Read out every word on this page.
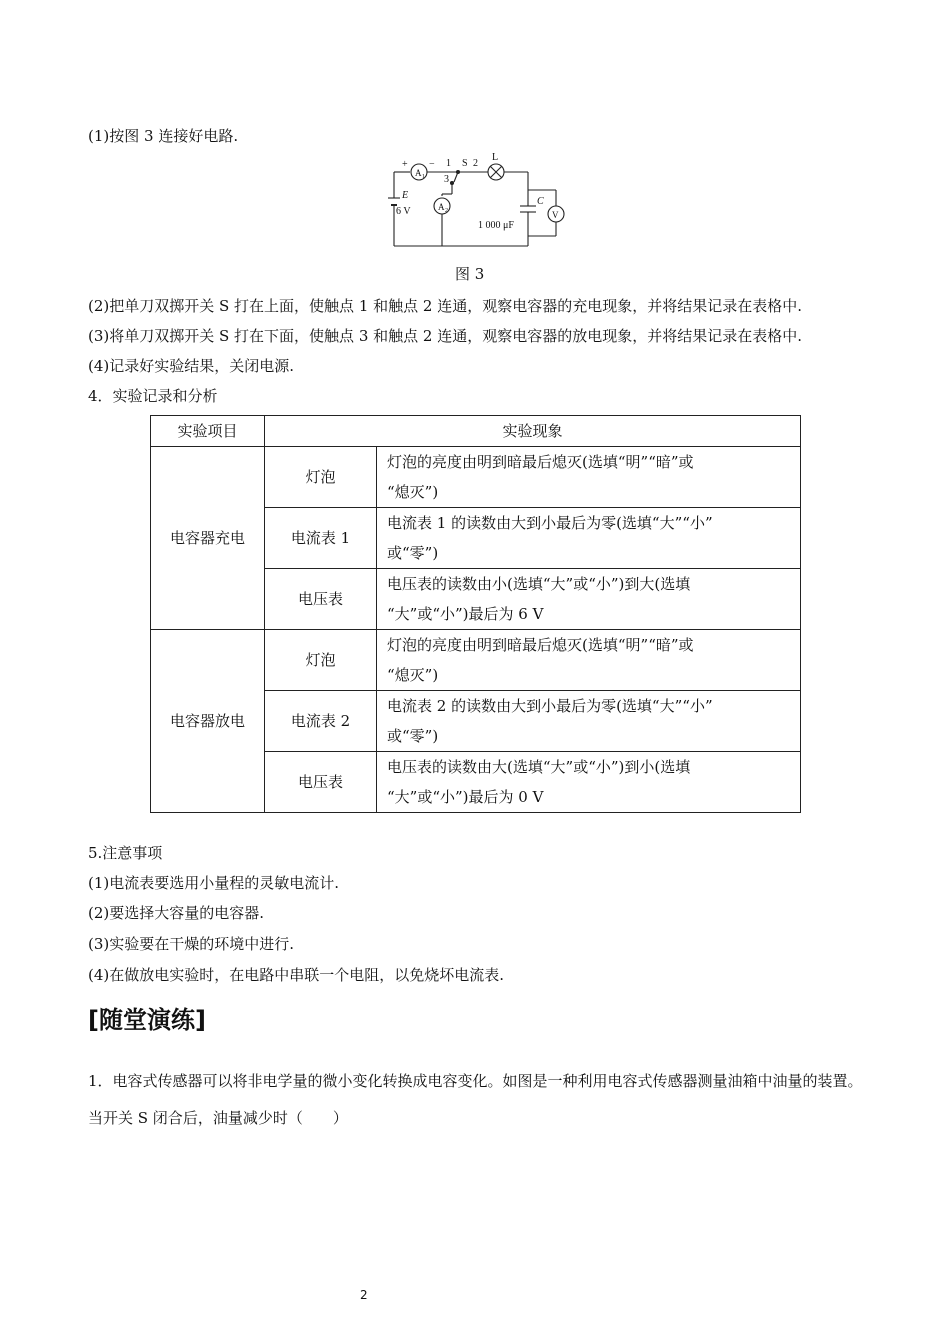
(1)按图 3 连接好电路.
E
6 V
+
A 1
− 1
3
S 2
L
C
1 000 μF
V
A 2
图 3
(2)把单刀双掷开关 S 打在上面，使触点 1 和触点 2 连通，观察电容器的充电现象，并将结果记录在表格中.
(3)将单刀双掷开关 S 打在下面，使触点 3 和触点 2 连通，观察电容器的放电现象，并将结果记录在表格中.
(4)记录好实验结果，关闭电源.
4．实验记录和分析
实验项目	实验现象	
电容器充电	灯泡	灯泡的亮度由明到暗最后熄灭(选填“明”“暗”或
“熄灭”)

	电流表 1	电流表 1 的读数由大到小最后为零(选填“大”“小”
或“零”)

	电压表	电压表的读数由小(选填“大”或“小”)到大(选填
“大”或“小”)最后为 6 V

电容器放电	灯泡	灯泡的亮度由明到暗最后熄灭(选填“明”“暗”或
“熄灭”)

	电流表 2	电流表 2 的读数由大到小最后为零(选填“大”“小”
或“零”)

	电压表	电压表的读数由大(选填“大”或“小”)到小(选填
“大”或“小”)最后为 0 V
5.注意事项
(1)电流表要选用小量程的灵敏电流计.
(2)要选择大容量的电容器.
(3)实验要在干燥的环境中进行.
(4)在做放电实验时，在电路中串联一个电阻，以免烧坏电流表.
[随堂演练]
1．电容式传感器可以将非电学量的微小变化转换成电容变化。如图是一种利用电容式传感器测量油箱中油量的装置。当开关 S 闭合后，油量减少时（　　）
2
